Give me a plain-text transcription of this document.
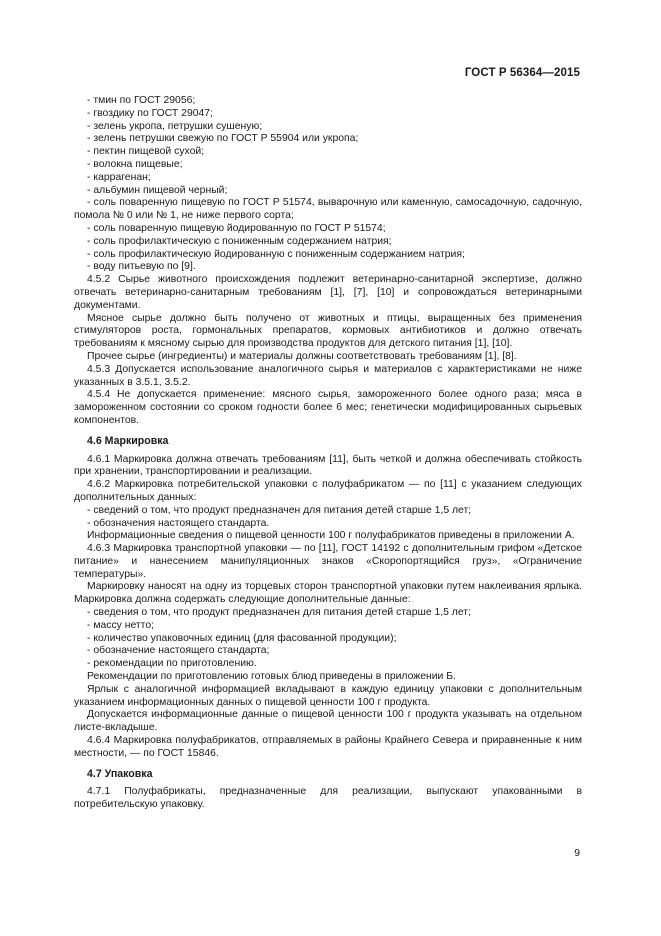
ГОСТ Р 56364—2015

- тмин по ГОСТ 29056;

- гвоздику по ГОСТ 29047;

- зелень укропа, петрушки сушеную;

- зелень петрушки свежую по ГОСТ Р 55904 или укропа;

- пектин пищевой сухой;

- волокна пищевые;

- каррагенан;

- альбумин пищевой черный;

- соль поваренную пищевую по ГОСТ Р 51574, выварочную или каменную, самосадочную, садочную, помола № 0 или № 1, не ниже первого сорта;

- соль поваренную пищевую йодированную по ГОСТ Р 51574;

- соль профилактическую с пониженным содержанием натрия;

- соль профилактическую йодированную с пониженным содержанием натрия;

- воду питьевую по [9].

4.5.2 Сырье животного происхождения подлежит ветеринарно-санитарной экспертизе, должно отвечать ветеринарно-санитарным требованиям [1], [7], [10] и сопровождаться ветеринарными документами.

Мясное сырье должно быть получено от животных и птицы, выращенных без применения стимуляторов роста, гормональных препаратов, кормовых антибиотиков и должно отвечать требованиям к мясному сырью для производства продуктов для детского питания [1], [10].

Прочее сырье (ингредиенты) и материалы должны соответствовать требованиям [1], [8].

4.5.3 Допускается использование аналогичного сырья и материалов с характеристиками не ниже указанных в 3.5.1, 3.5.2.

4.5.4 Не допускается применение: мясного сырья, замороженного более одного раза; мяса в замороженном состоянии со сроком годности более 6 мес; генетически модифицированных сырьевых компонентов.

4.6 Маркировка

4.6.1 Маркировка должна отвечать требованиям [11], быть четкой и должна обеспечивать стойкость при хранении, транспортировании и реализации.

4.6.2 Маркировка потребительской упаковки с полуфабрикатом — по [11] с указанием следующих дополнительных данных:

- сведений о том, что продукт предназначен для питания детей старше 1,5 лет;

- обозначения настоящего стандарта.

Информационные сведения о пищевой ценности 100 г полуфабрикатов приведены в приложении А.

4.6.3 Маркировка транспортной упаковки — по [11], ГОСТ 14192 с дополнительным грифом «Детское питание» и нанесением манипуляционных знаков «Скоропортящийся груз», «Ограничение температуры».

Маркировку наносят на одну из торцевых сторон транспортной упаковки путем наклеивания ярлыка. Маркировка должна содержать следующие дополнительные данные:

- сведения о том, что продукт предназначен для питания детей старше 1,5 лет;

- массу нетто;

- количество упаковочных единиц (для фасованной продукции);

- обозначение настоящего стандарта;

- рекомендации по приготовлению.

Рекомендации по приготовлению готовых блюд приведены в приложении Б.

Ярлык с аналогичной информацией вкладывают в каждую единицу упаковки с дополнительным указанием информационных данных о пищевой ценности 100 г продукта.

Допускается информационные данные о пищевой ценности 100 г продукта указывать на отдельном листе-вкладыше.

4.6.4 Маркировка полуфабрикатов, отправляемых в районы Крайнего Севера и приравненные к ним местности, — по ГОСТ 15846.

4.7 Упаковка

4.7.1 Полуфабрикаты, предназначенные для реализации, выпускают упакованными в потребительскую упаковку.

9
